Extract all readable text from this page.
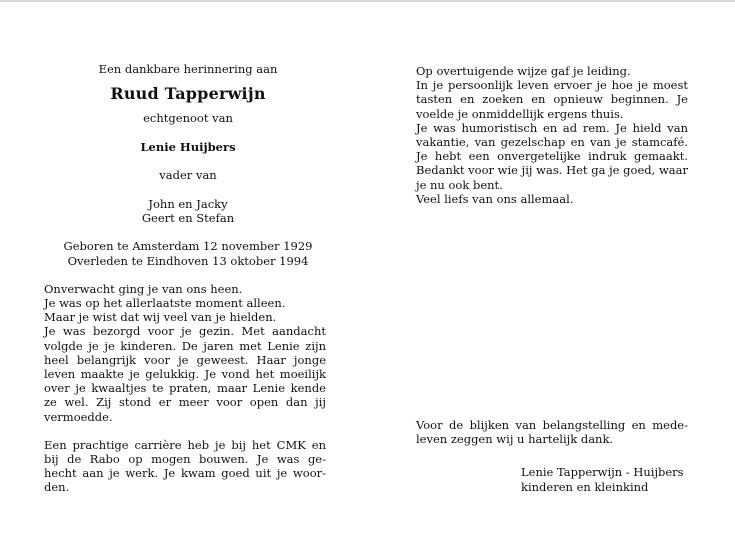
Een dankbare herinnering aan

Ruud Tapperwijn

echtgenoot van

Lenie Huijbers

vader van

John en Jacky

Geert en Stefan

Geboren te Amsterdam 12 november 1929

Overleden te Eindhoven 13 oktober 1994

Onverwacht ging je van ons heen.
Je was op het allerlaatste moment alleen.
Maar je wist dat wij veel van je hielden.
Je was bezorgd voor je gezin. Met aandacht
volgde je je kinderen. De jaren met Lenie zijn
heel belangrijk voor je geweest. Haar jonge
leven maakte je gelukkig. Je vond het moeilijk
over je kwaaltjes te praten, maar Lenie kende
ze wel. Zij stond er meer voor open dan jij
vermoedde.
Een prachtige carrière heb je bij het CMK en
bij de Rabo op mogen bouwen. Je was ge-
hecht aan je werk. Je kwam goed uit je woor-
den.
Op overtuigende wijze gaf je leiding.
In je persoonlijk leven ervoer je hoe je moest
tasten en zoeken en opnieuw beginnen. Je
voelde je onmiddellijk ergens thuis.
Je was humoristisch en ad rem. Je hield van
vakantie, van gezelschap en van je stamcafé.
Je hebt een onvergetelijke indruk gemaakt.
Bedankt voor wie jij was. Het ga je goed, waar
je nu ook bent.
Veel liefs van ons allemaal.
Voor de blijken van belangstelling en mede-
leven zeggen wij u hartelijk dank.
Lenie Tapperwijn - Huijbers
kinderen en kleinkind
